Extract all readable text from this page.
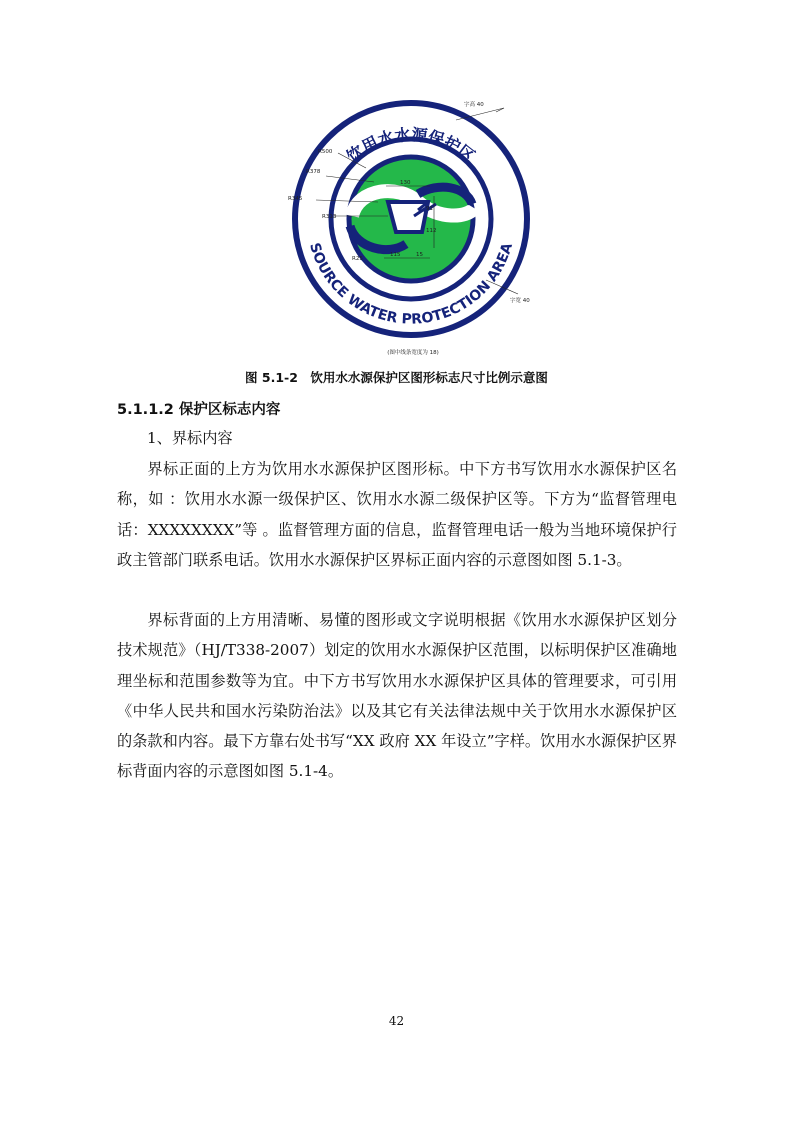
饮用水水源保护区
SOURCE WATER PROTECTION AREA
字高 40
字宽 40
R500
R378
R345
R313
130
115	15
91
112
R25
(图中线条宽度为 18)
图 5.1-2　饮用水水源保护区图形标志尺寸比例示意图
5.1.1.2 保护区标志内容
1、界标内容
界标正面的上方为饮用水水源保护区图形标。中下方书写饮用水水源保护区名称，如 ：饮用水水源一级保护区、饮用水水源二级保护区等。下方为“监督管理电话：XXXXXXXX”等 。监督管理方面的信息，监督管理电话一般为当地环境保护行政主管部门联系电话。饮用水水源保护区界标正面内容的示意图如图 5.1-3。
界标背面的上方用清晰、易懂的图形或文字说明根据《饮用水水源保护区划分技术规范》（HJ/T338-2007）划定的饮用水水源保护区范围，以标明保护区准确地理坐标和范围参数等为宜。中下方书写饮用水水源保护区具体的管理要求，可引用《中华人民共和国水污染防治法》以及其它有关法律法规中关于饮用水水源保护区的条款和内容。最下方靠右处书写“XX 政府 XX 年设立”字样。饮用水水源保护区界标背面内容的示意图如图 5.1-4。
42
